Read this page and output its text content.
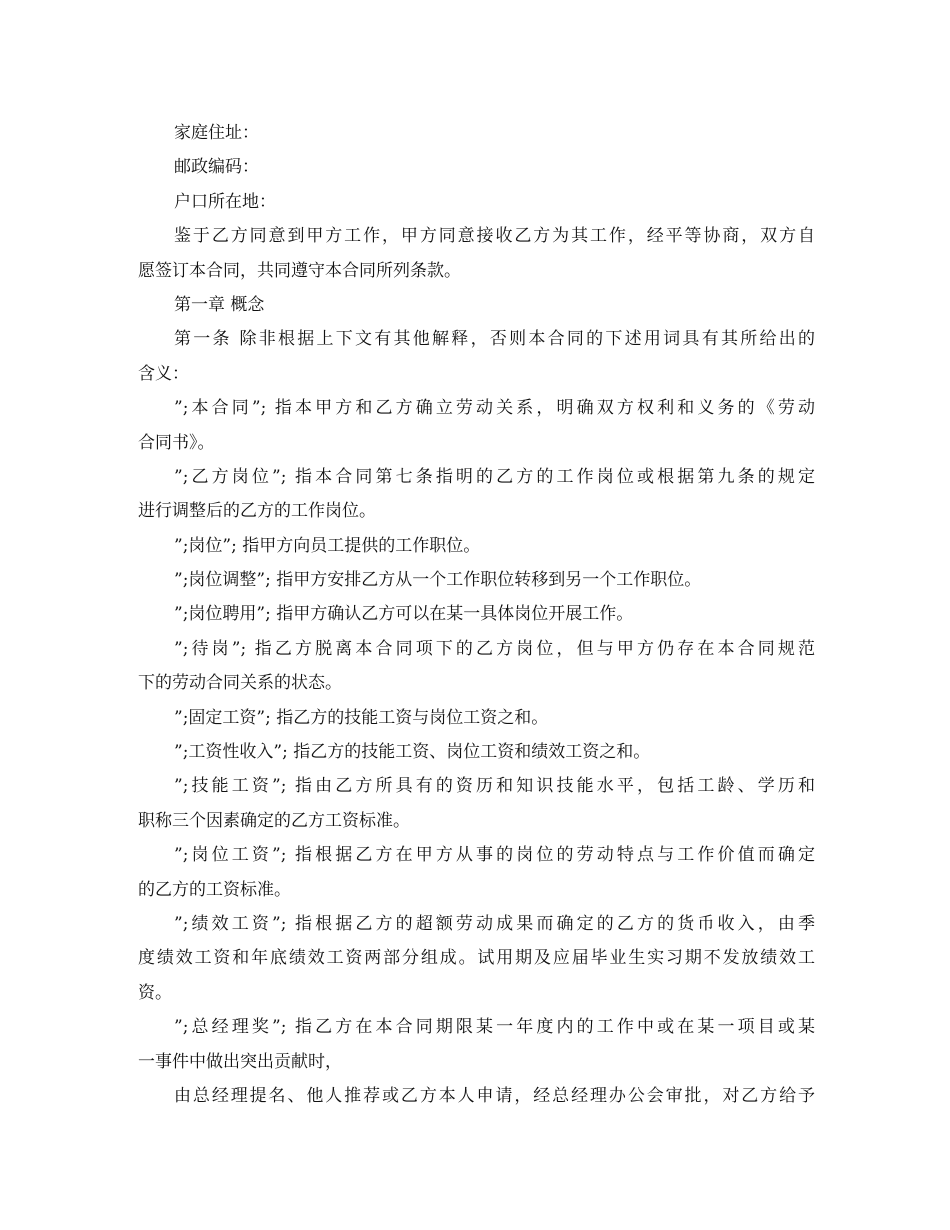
家庭住址：
邮政编码：
户口所在地：
鉴于乙方同意到甲方工作，甲方同意接收乙方为其工作，经平等协商，双方自
愿签订本合同，共同遵守本合同所列条款。
第一章 概念
第一条 除非根据上下文有其他解释，否则本合同的下述用词具有其所给出的
含义：
”;本合同”; 指本甲方和乙方确立劳动关系，明确双方权利和义务的《劳动
合同书》。
”;乙方岗位”; 指本合同第七条指明的乙方的工作岗位或根据第九条的规定
进行调整后的乙方的工作岗位。
”;岗位”; 指甲方向员工提供的工作职位。
”;岗位调整”; 指甲方安排乙方从一个工作职位转移到另一个工作职位。
”;岗位聘用”; 指甲方确认乙方可以在某一具体岗位开展工作。
”;待岗”; 指乙方脱离本合同项下的乙方岗位，但与甲方仍存在本合同规范
下的劳动合同关系的状态。
”;固定工资”; 指乙方的技能工资与岗位工资之和。
”;工资性收入”; 指乙方的技能工资、岗位工资和绩效工资之和。
”;技能工资”; 指由乙方所具有的资历和知识技能水平，包括工龄、学历和
职称三个因素确定的乙方工资标准。
”;岗位工资”; 指根据乙方在甲方从事的岗位的劳动特点与工作价值而确定
的乙方的工资标准。
”;绩效工资”; 指根据乙方的超额劳动成果而确定的乙方的货币收入，由季
度绩效工资和年底绩效工资两部分组成。试用期及应届毕业生实习期不发放绩效工
资。
”;总经理奖”; 指乙方在本合同期限某一年度内的工作中或在某一项目或某
一事件中做出突出贡献时，
由总经理提名、他人推荐或乙方本人申请，经总经理办公会审批，对乙方给予
